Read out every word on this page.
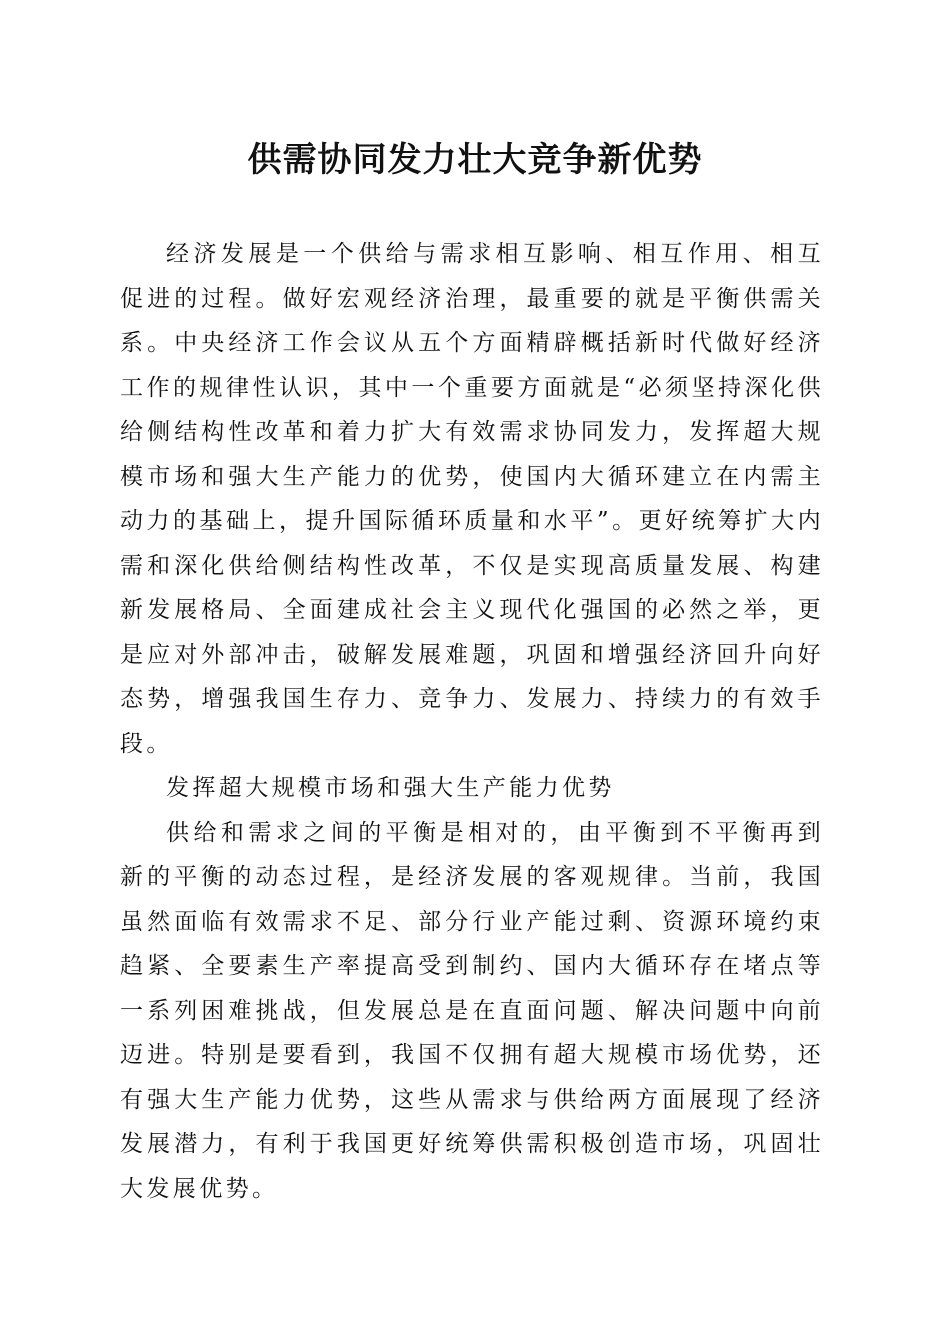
供需协同发力壮大竞争新优势

经济发展是一个供给与需求相互影响、相互作用、相互促进的过程。做好宏观经济治理，最重要的就是平衡供需关系。中央经济工作会议从五个方面精辟概括新时代做好经济工作的规律性认识，其中一个重要方面就是“必须坚持深化供给侧结构性改革和着力扩大有效需求协同发力，发挥超大规模市场和强大生产能力的优势，使国内大循环建立在内需主动力的基础上，提升国际循环质量和水平”。更好统筹扩大内需和深化供给侧结构性改革，不仅是实现高质量发展、构建新发展格局、全面建成社会主义现代化强国的必然之举，更是应对外部冲击，破解发展难题，巩固和增强经济回升向好态势，增强我国生存力、竞争力、发展力、持续力的有效手段。

发挥超大规模市场和强大生产能力优势

供给和需求之间的平衡是相对的，由平衡到不平衡再到新的平衡的动态过程，是经济发展的客观规律。当前，我国虽然面临有效需求不足、部分行业产能过剩、资源环境约束趋紧、全要素生产率提高受到制约、国内大循环存在堵点等一系列困难挑战，但发展总是在直面问题、解决问题中向前迈进。特别是要看到，我国不仅拥有超大规模市场优势，还有强大生产能力优势，这些从需求与供给两方面展现了经济发展潜力，有利于我国更好统筹供需积极创造市场，巩固壮大发展优势。
